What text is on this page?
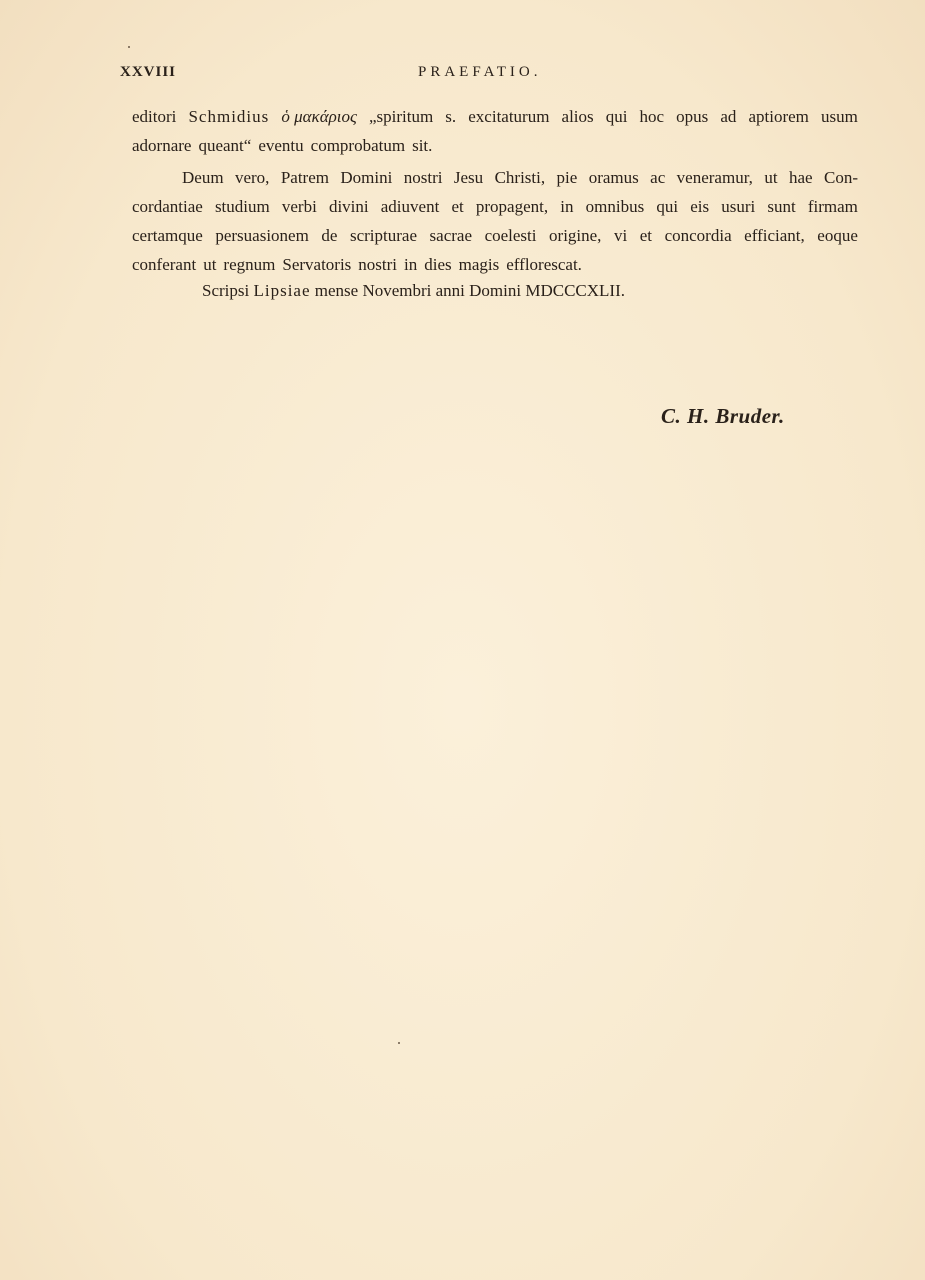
XXVIII	PRAEFATIO.
editori Schmidius ὁ μακάριος „spiritum s. excitaturum alios qui hoc opus ad aptiorem usum
adornare queant“ eventu comprobatum sit.
Deum vero, Patrem Domini nostri Jesu Christi, pie oramus ac veneramur, ut hae Con-
cordantiae studium verbi divini adiuvent et propagent, in omnibus qui eis usuri sunt firmam
certamque persuasionem de scripturae sacrae coelesti origine, vi et concordia efficiant, eoque
conferant ut regnum Servatoris nostri in dies magis efflorescat.
Scripsi Lipsiae mense Novembri anni Domini MDCCCXLII.
C. H. Bruder.
